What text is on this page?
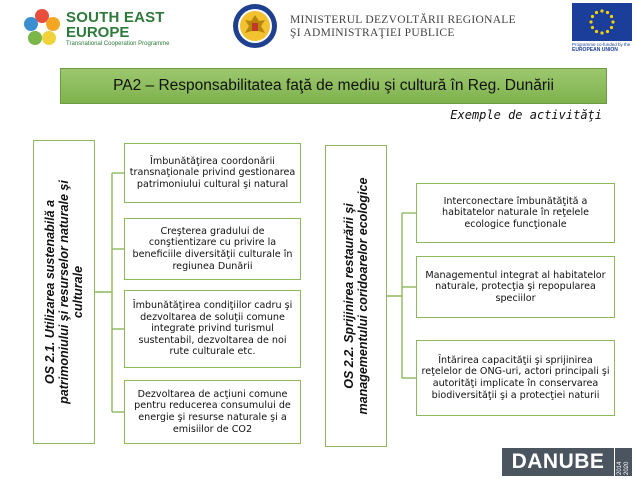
SOUTH EAST
EUROPE
Transnational Cooperation Programme
MINISTERUL DEZVOLTĂRII REGIONALE
ŞI ADMINISTRAŢIEI PUBLICE
Programme co-funded by the
EUROPEAN UNION
PA2 – Responsabilitatea faţă de mediu şi cultură în Reg. Dunării
Exemple de activităţi
OS 2.1. Utilizarea sustenabilă a
patrimoniului şi resurselor naturale şi
culturale
Îmbunătăţirea coordonării transnaţionale privind gestionarea patrimoniului cultural şi natural
Creşterea gradului de conştientizare cu privire la beneficiile diversităţii culturale în regiunea Dunării
Îmbunătăţirea condiţiilor cadru şi dezvoltarea de soluţii comune integrate privind turismul sustentabil, dezvoltarea de noi rute culturale etc.
Dezvoltarea de acţiuni comune pentru reducerea consumului de energie şi resurse naturale şi a emisiilor de CO2
OS 2.2. Sprijinirea restaurării şi
managementului coridoarelor ecologice	Interconectare îmbunătăţită a habitatelor naturale în reţelele ecologice funcţionale
Managementul integrat al habitatelor naturale, protecţia şi repopularea speciilor
Întărirea capacităţii şi sprijinirea reţelelor de ONG-uri, actori principali şi autorităţi implicate în conservarea biodiversităţii şi a protecţiei naturii
DANUBE	2014 2020
